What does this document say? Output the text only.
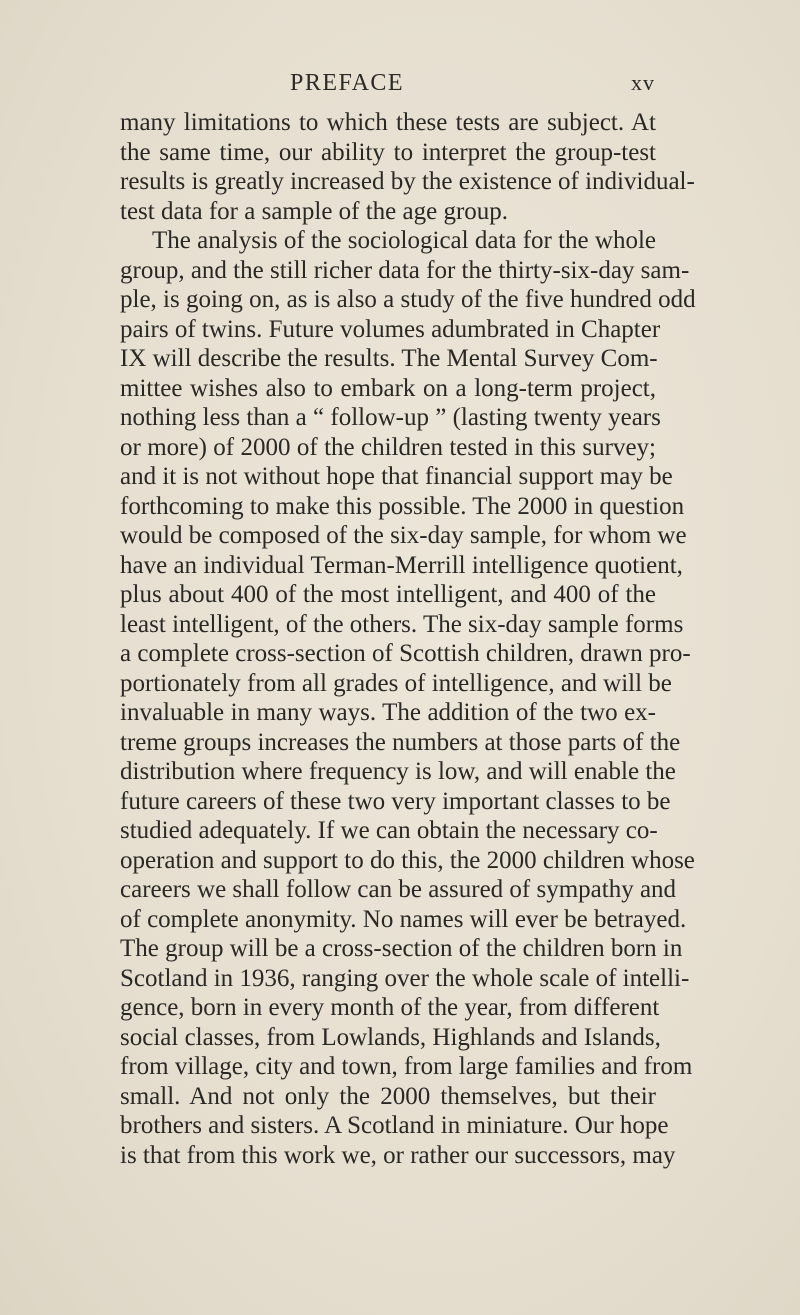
PREFACE	xv
many limitations to which these tests are subject. At
the same time, our ability to interpret the group-test
results is greatly increased by the existence of individual-
test data for a sample of the age group.
The analysis of the sociological data for the whole
group, and the still richer data for the thirty-six-day sam-
ple, is going on, as is also a study of the five hundred odd
pairs of twins. Future volumes adumbrated in Chapter
IX will describe the results. The Mental Survey Com-
mittee wishes also to embark on a long-term project,
nothing less than a “ follow-up ” (lasting twenty years
or more) of 2000 of the children tested in this survey;
and it is not without hope that financial support may be
forthcoming to make this possible. The 2000 in question
would be composed of the six-day sample, for whom we
have an individual Terman-Merrill intelligence quotient,
plus about 400 of the most intelligent, and 400 of the
least intelligent, of the others. The six-day sample forms
a complete cross-section of Scottish children, drawn pro-
portionately from all grades of intelligence, and will be
invaluable in many ways. The addition of the two ex-
treme groups increases the numbers at those parts of the
distribution where frequency is low, and will enable the
future careers of these two very important classes to be
studied adequately. If we can obtain the necessary co-
operation and support to do this, the 2000 children whose
careers we shall follow can be assured of sympathy and
of complete anonymity. No names will ever be betrayed.
The group will be a cross-section of the children born in
Scotland in 1936, ranging over the whole scale of intelli-
gence, born in every month of the year, from different
social classes, from Lowlands, Highlands and Islands,
from village, city and town, from large families and from
small. And not only the 2000 themselves, but their
brothers and sisters. A Scotland in miniature. Our hope
is that from this work we, or rather our successors, may
